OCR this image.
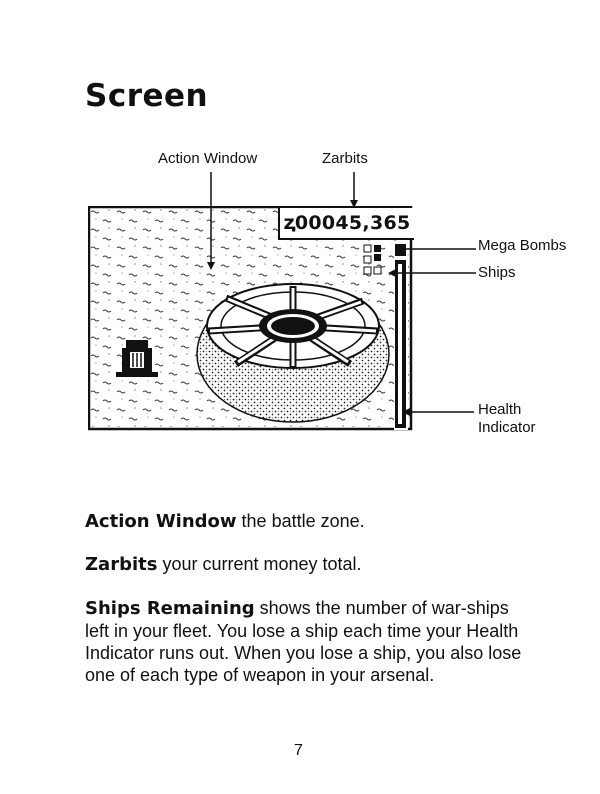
Screen
Action Window	Zarbits
Mega Bombs
Ships
Health
Indicator
ⱬ00045,365
Action Window the battle zone.
Zarbits your current money total.
Ships Remaining shows the number of war-ships left in your fleet. You lose a ship each time your Health Indicator runs out. When you lose a ship, you also lose one of each type of weapon in your arsenal.
7
